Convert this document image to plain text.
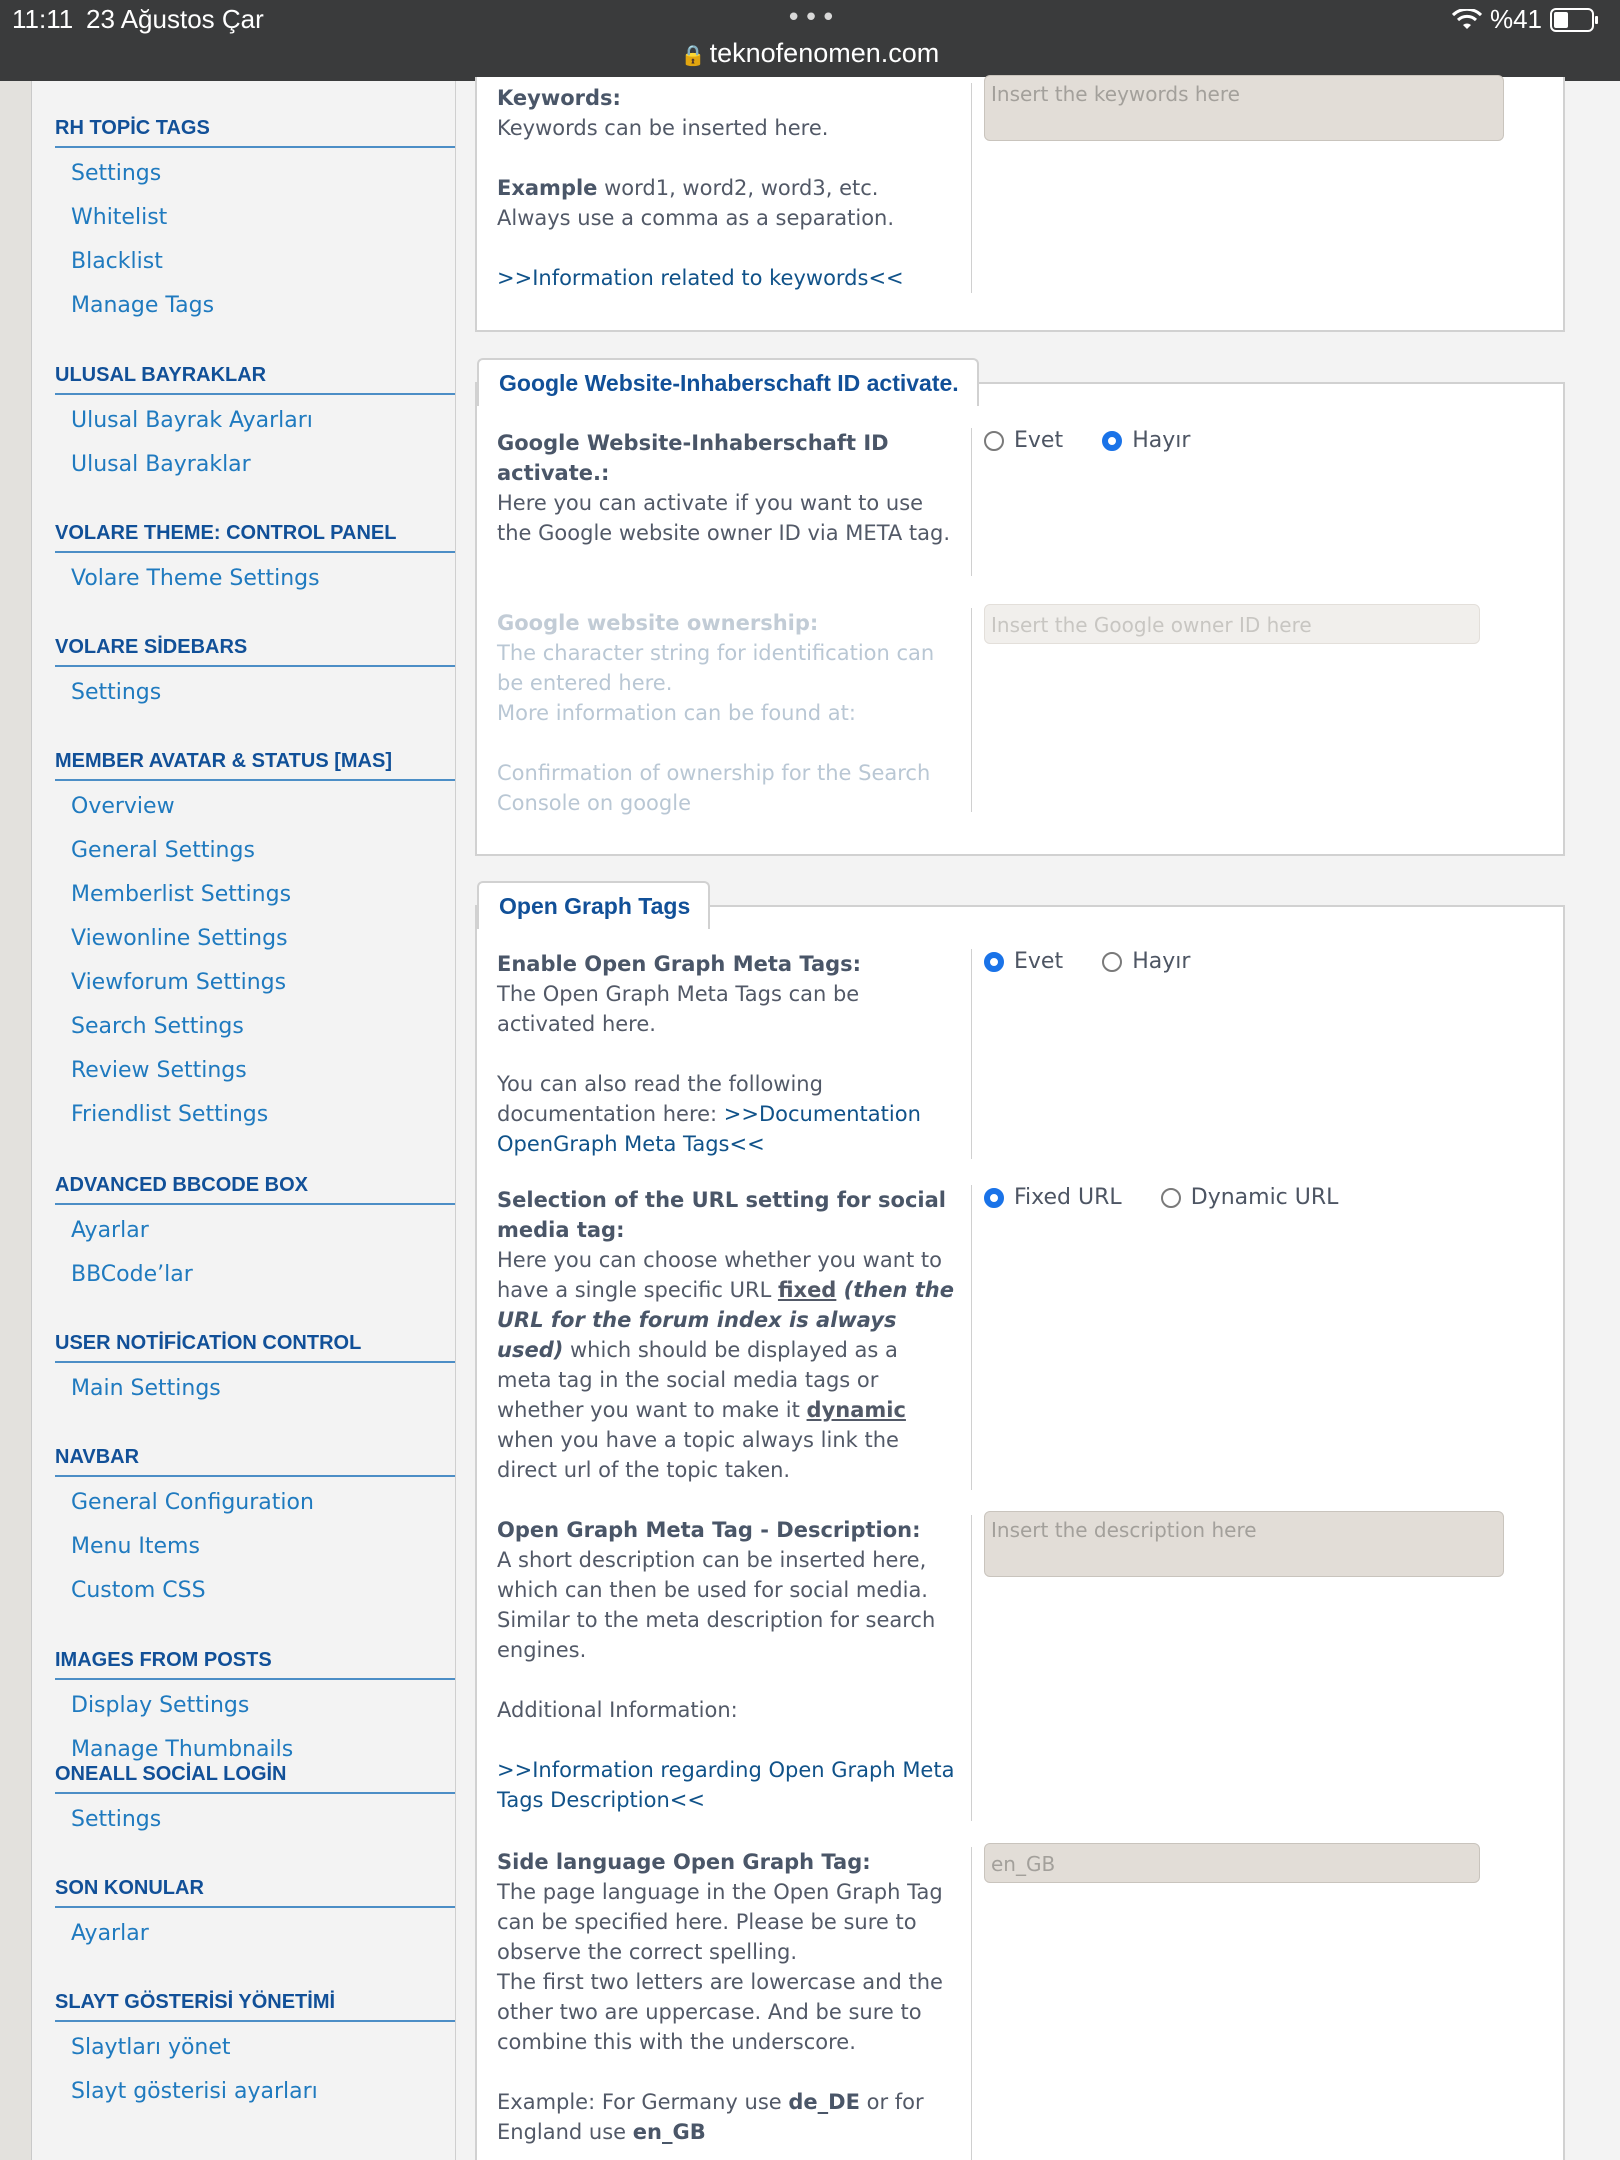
11:11 23 Ağustos Çar	•••
🔒 teknofenomen.com
%41
RH TOPİC TAGS
Settings
Whitelist
Blacklist
Manage Tags
ULUSAL BAYRAKLAR
Ulusal Bayrak Ayarları
Ulusal Bayraklar
VOLARE THEME: CONTROL PANEL
Volare Theme Settings
VOLARE SİDEBARS
Settings
MEMBER AVATAR & STATUS [MAS]
Overview
General Settings
Memberlist Settings
Viewonline Settings
Viewforum Settings
Search Settings
Review Settings
Friendlist Settings
ADVANCED BBCODE BOX
Ayarlar
BBCode’lar
USER NOTİFİCATİON CONTROL
Main Settings
NAVBAR
General Configuration
Menu Items
Custom CSS
IMAGES FROM POSTS
Display Settings
Manage Thumbnails
ONEALL SOCİAL LOGİN
Settings
SON KONULAR
Ayarlar
SLAYT GÖSTERİSİ YÖNETİMİ
Slaytları yönet
Slayt gösterisi ayarları
Keywords:
Keywords can be inserted here.

Example word1, word2, word3, etc.
Always use a comma as a separation.

>>Information related to keywords<<
Insert the keywords here
Google Website-Inhaberschaft ID activate.
Google Website-Inhaberschaft ID activate.:
Here you can activate if you want to use the Google website owner ID via META tag.
Evet
	Hayır
Google website ownership:
The character string for identification can be entered here.
More information can be found at:

Confirmation of ownership for the Search Console on google
Insert the Google owner ID here
Open Graph Tags
Enable Open Graph Meta Tags:
The Open Graph Meta Tags can be activated here.

You can also read the following documentation here: >>Documentation OpenGraph Meta Tags<<
Evet
	Hayır
Selection of the URL setting for social media tag:
Here you can choose whether you want to have a single specific URL fixed (then the URL for the forum index is always used) which should be displayed as a meta tag in the social media tags or whether you want to make it dynamic when you have a topic always link the direct url of the topic taken.
Fixed URL
	Dynamic URL
Open Graph Meta Tag - Description:
A short description can be inserted here, which can then be used for social media. Similar to the meta description for search engines.

Additional Information:

>>Information regarding Open Graph Meta Tags Description<<
Insert the description here
Side language Open Graph Tag:
The page language in the Open Graph Tag can be specified here. Please be sure to observe the correct spelling.
The first two letters are lowercase and the other two are uppercase. And be sure to combine this with the underscore.

Example: For Germany use de_DE or for England use en_GB
en_GB
